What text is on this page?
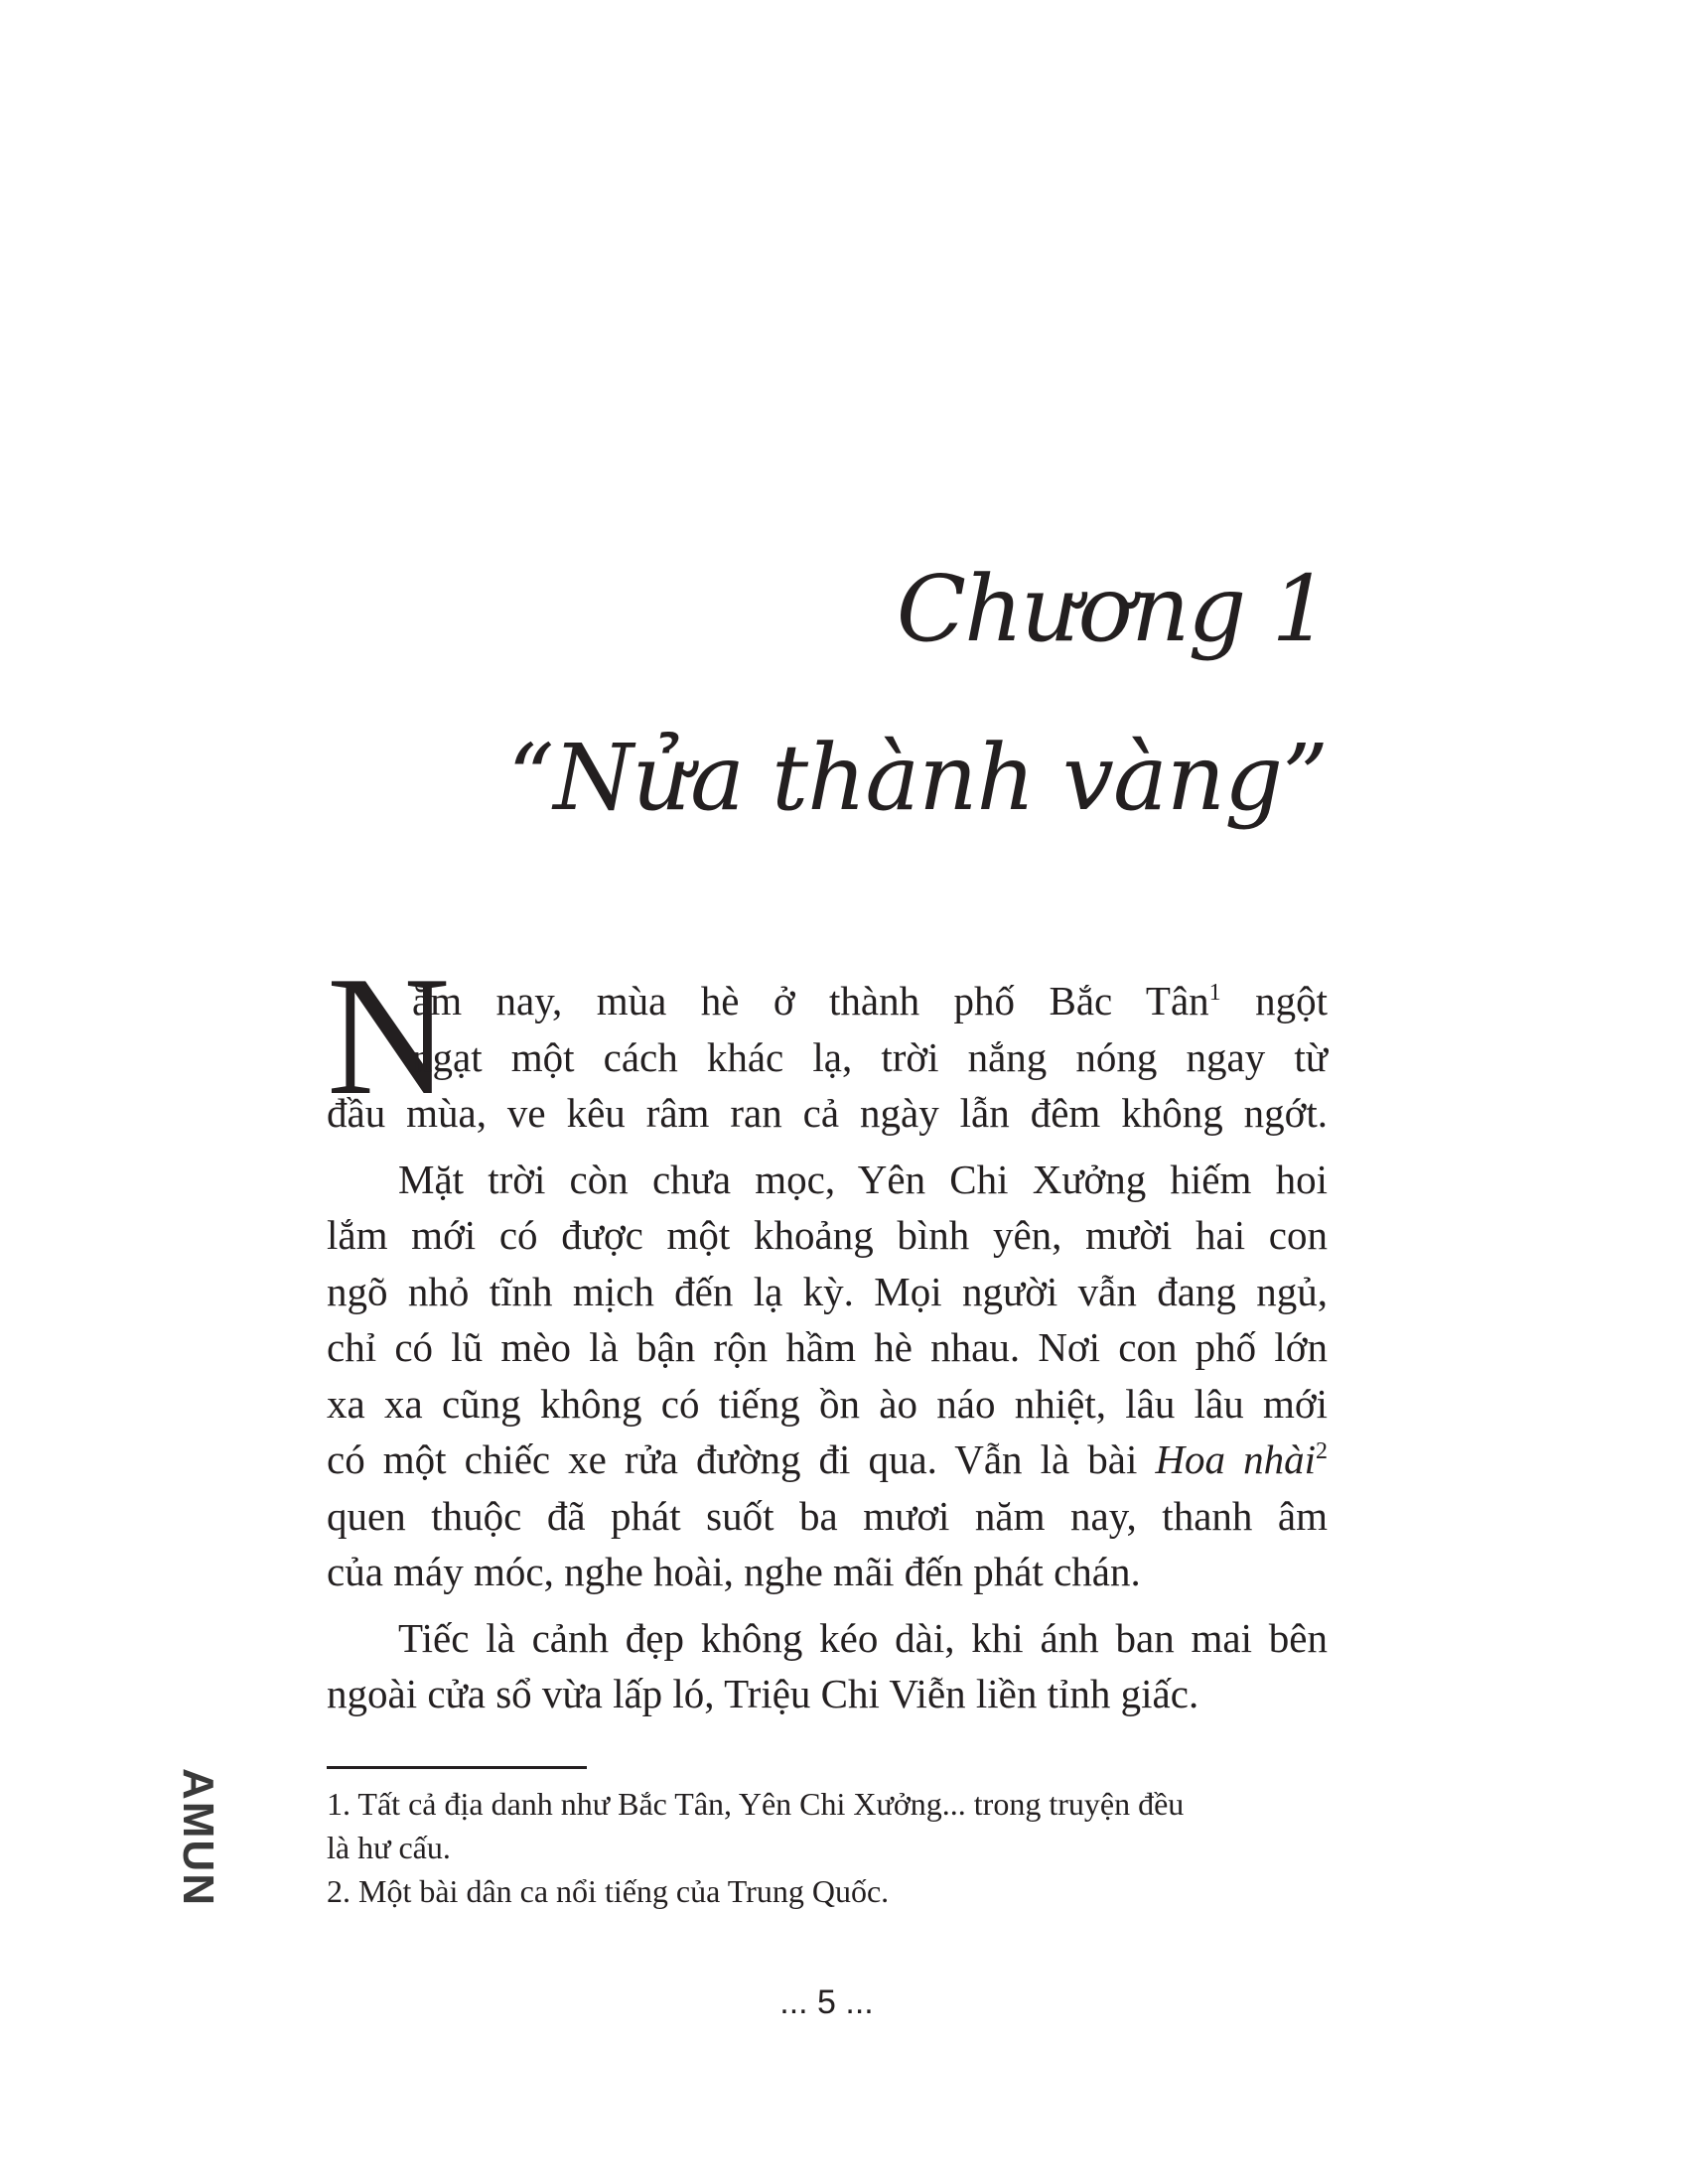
Chương 1
“Nửa thành vàng”
N
ăm nay, mùa hè ở thành phố Bắc Tân$^1$ ngột
ngạt một cách khác lạ, trời nắng nóng ngay từ
đầu mùa, ve kêu râm ran cả ngày lẫn đêm không ngớt.
Mặt trời còn chưa mọc, Yên Chi Xưởng hiếm hoi
lắm mới có được một khoảng bình yên, mười hai con
ngõ nhỏ tĩnh mịch đến lạ kỳ. Mọi người vẫn đang ngủ,
chỉ có lũ mèo là bận rộn hầm hè nhau. Nơi con phố lớn
xa xa cũng không có tiếng ồn ào náo nhiệt, lâu lâu mới
có một chiếc xe rửa đường đi qua. Vẫn là bài Hoa nhài$^2$
quen thuộc đã phát suốt ba mươi năm nay, thanh âm
của máy móc, nghe hoài, nghe mãi đến phát chán.
Tiếc là cảnh đẹp không kéo dài, khi ánh ban mai bên
ngoài cửa sổ vừa lấp ló, Triệu Chi Viễn liền tỉnh giấc.
1. Tất cả địa danh như Bắc Tân, Yên Chi Xưởng... trong truyện đều
là hư cấu.
2. Một bài dân ca nổi tiếng của Trung Quốc.
AMUN
... 5 ...
